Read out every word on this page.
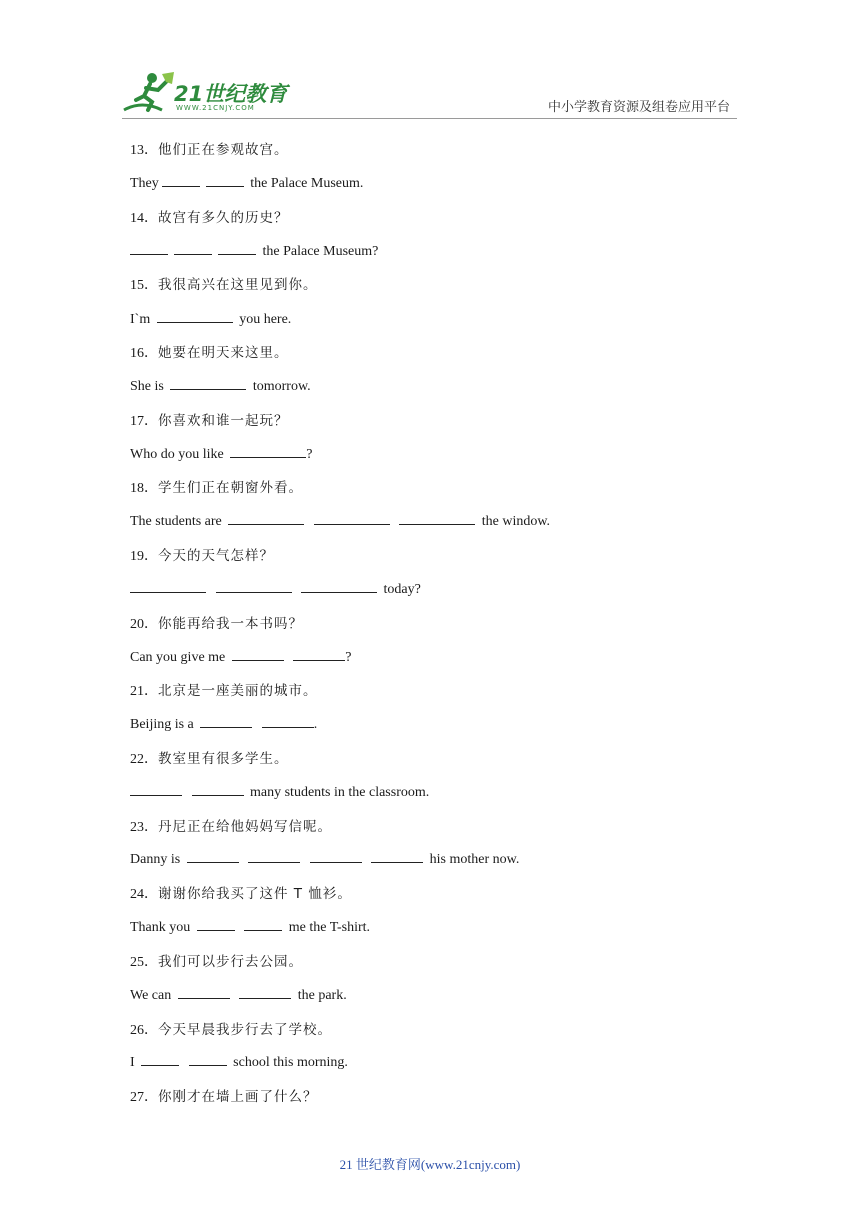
21世纪教育
WWW.21CNJY.COM	中小学教育资源及组卷应用平台
13．他们正在参观故宫。
They	the Palace Museum.
14．故宫有多久的历史？
the Palace Museum?
15．我很高兴在这里见到你。
I`m	you here.
16．她要在明天来这里。
She is	tomorrow.
17．你喜欢和谁一起玩？
Who do you like	?
18．学生们正在朝窗外看。
The students are	the window.
19．今天的天气怎样？
today?
20．你能再给我一本书吗？
Can you give me	?
21．北京是一座美丽的城市。
Beijing is a	.
22．教室里有很多学生。
many students in the classroom.
23．丹尼正在给他妈妈写信呢。
Danny is	his mother now.
24．谢谢你给我买了这件 T 恤衫。
Thank you	me the T-shirt.
25．我们可以步行去公园。
We can	the park.
26．今天早晨我步行去了学校。
I	school this morning.
27．你刚才在墙上画了什么？
21 世纪教育网(www.21cnjy.com)
